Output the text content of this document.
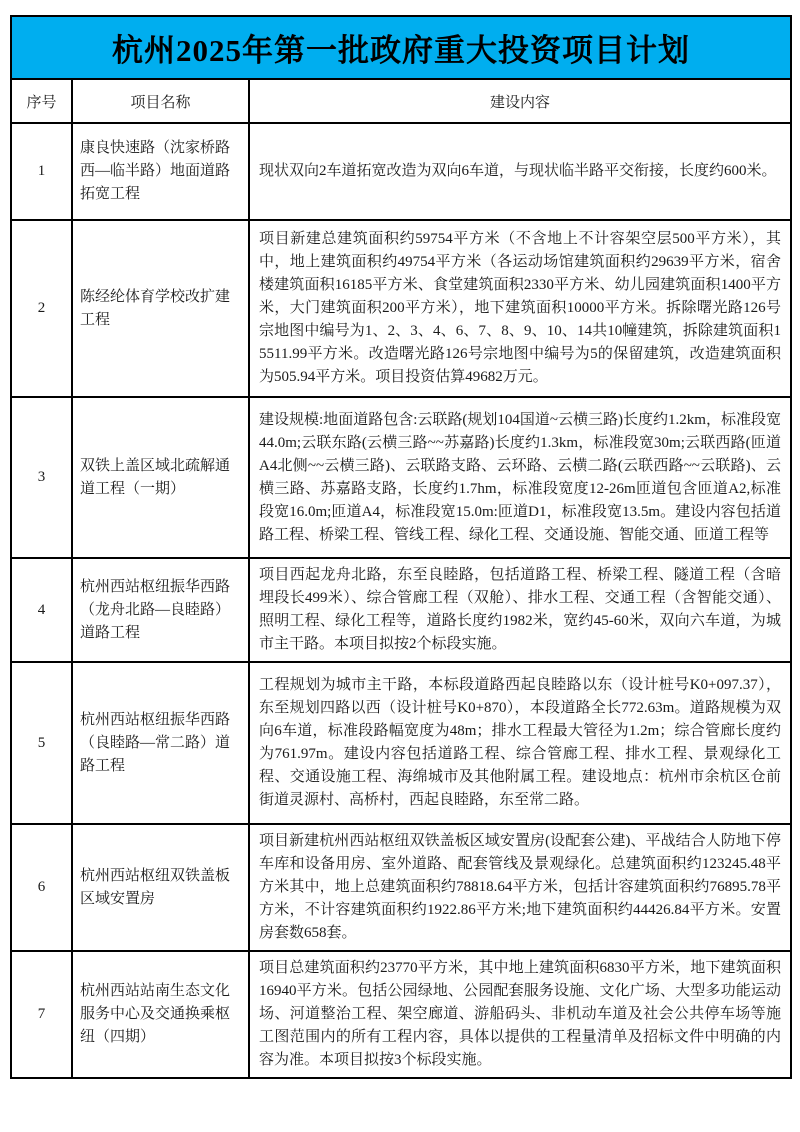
杭州2025年第一批政府重大投资项目计划		
序号	项目名称	建设内容
1	康良快速路（沈家桥路西—临半路）地面道路拓宽工程	现状双向2车道拓宽改造为双向6车道，与现状临半路平交衔接，长度约600米。
2	陈经纶体育学校改扩建工程	项目新建总建筑面积约59754平方米（不含地上不计容架空层500平方米），其中，地上建筑面积约49754平方米（各运动场馆建筑面积约29639平方米，宿舍楼建筑面积16185平方米、食堂建筑面积2330平方米、幼儿园建筑面积1400平方米，大门建筑面积200平方米），地下建筑面积10000平方米。拆除曙光路126号宗地图中编号为1、2、3、4、6、7、8、9、10、14共10幢建筑，拆除建筑面积15511.99平方米。改造曙光路126号宗地图中编号为5的保留建筑，改造建筑面积为505.94平方米。项目投资估算49682万元。
3	双铁上盖区域北疏解通道工程（一期）	建设规模:地面道路包含:云联路(规划104国道~云横三路)长度约1.2km，标准段宽44.0m;云联东路(云横三路~~苏嘉路)长度约1.3km，标准段宽30m;云联西路(匝道A4北侧~~云横三路)、云联路支路、云环路、云横二路(云联西路~~云联路)、云横三路、苏嘉路支路，长度约1.7hm，标准段宽度12-26m匝道包含匝道A2,标准段宽16.0m;匝道A4，标准段宽15.0m:匝道D1，标准段宽13.5m。建设内容包括道路工程、桥梁工程、管线工程、绿化工程、交通设施、智能交通、匝道工程等
4	杭州西站枢纽振华西路（龙舟北路—良睦路）道路工程	项目西起龙舟北路，东至良睦路，包括道路工程、桥梁工程、隧道工程（含暗埋段长499米）、综合管廊工程（双舱）、排水工程、交通工程（含智能交通）、照明工程、绿化工程等，道路长度约1982米，宽约45-60米，双向六车道，为城市主干路。本项目拟按2个标段实施。
5	杭州西站枢纽振华西路（良睦路—常二路）道路工程	工程规划为城市主干路，本标段道路西起良睦路以东（设计桩号K0+097.37），东至规划四路以西（设计桩号K0+870），本段道路全长772.63m。道路规模为双向6车道，标准段路幅宽度为48m；排水工程最大管径为1.2m；综合管廊长度约为761.97m。建设内容包括道路工程、综合管廊工程、排水工程、景观绿化工程、交通设施工程、海绵城市及其他附属工程。建设地点：杭州市余杭区仓前街道灵源村、高桥村，西起良睦路，东至常二路。
6	杭州西站枢纽双铁盖板区域安置房	项目新建杭州西站枢纽双铁盖板区域安置房(设配套公建)、平战结合人防地下停车库和设备用房、室外道路、配套管线及景观绿化。总建筑面积约123245.48平方米其中，地上总建筑面积约78818.64平方米，包括计容建筑面积约76895.78平方米，不计容建筑面积约1922.86平方米;地下建筑面积约44426.84平方米。安置房套数658套。
7	杭州西站站南生态文化服务中心及交通换乘枢纽（四期）	项目总建筑面积约23770平方米，其中地上建筑面积6830平方米，地下建筑面积16940平方米。包括公园绿地、公园配套服务设施、文化广场、大型多功能运动场、河道整治工程、架空廊道、游船码头、非机动车道及社会公共停车场等施工图范围内的所有工程内容，具体以提供的工程量清单及招标文件中明确的内容为准。本项目拟按3个标段实施。
